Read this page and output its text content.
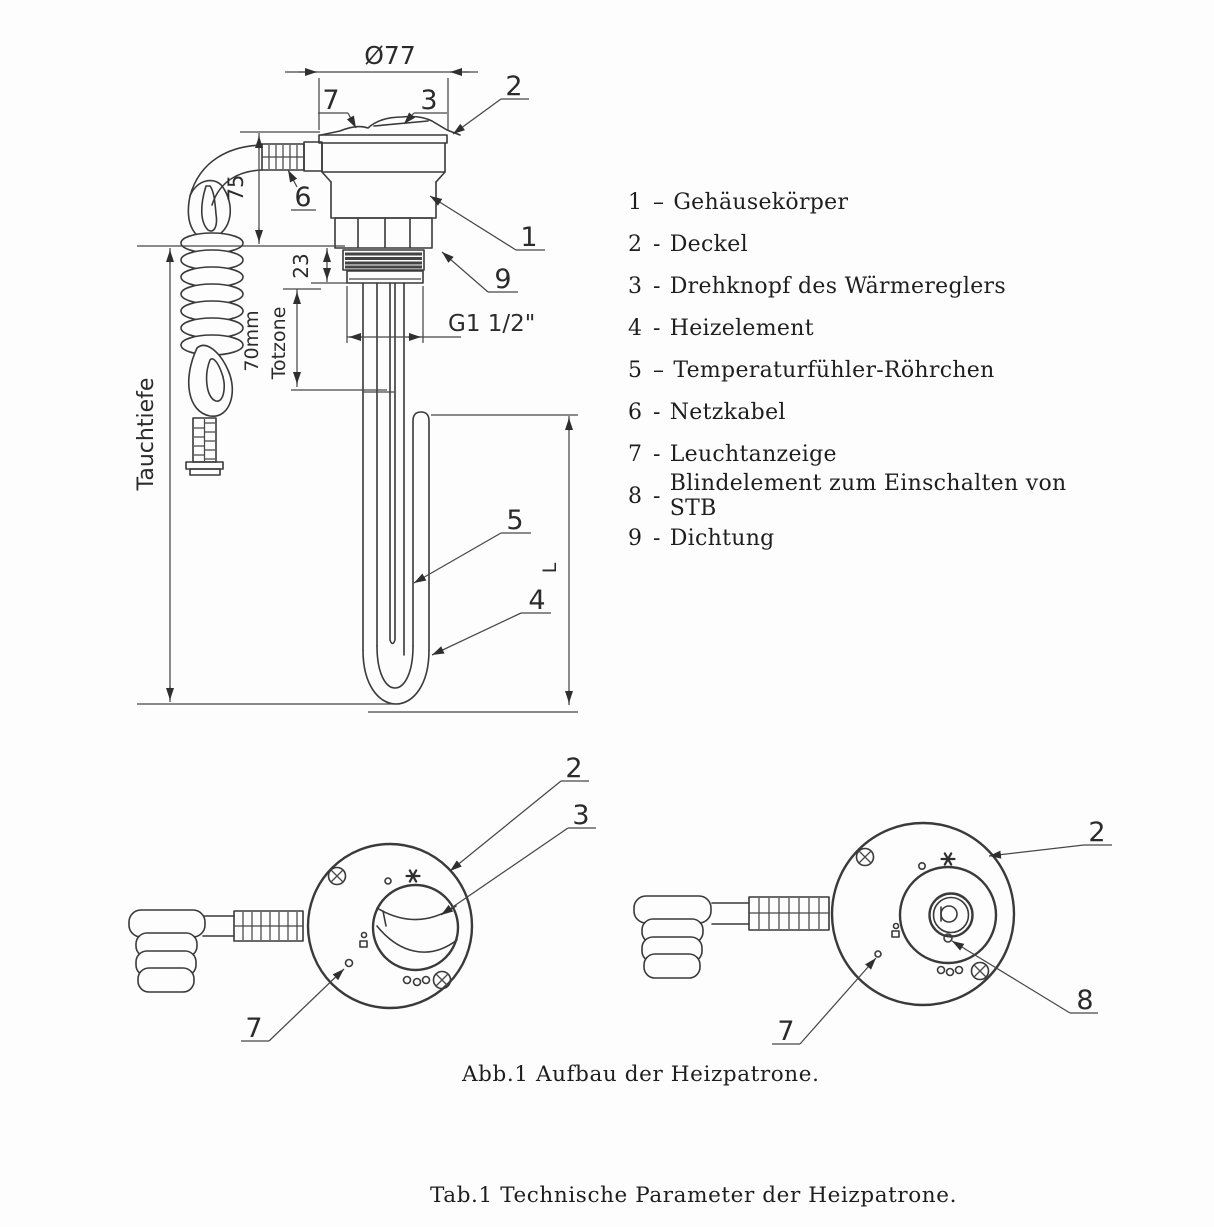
Ø77
75
Tauchtiefe
23
70mm Totzone	G1 1/2"
L
7	3	2
6
1
9
5
4
2
3
7
2
8
7
1 – Gehäusekörper
2 - Deckel
3 - Drehknopf des Wärmereglers
4 - Heizelement
5 – Temperaturfühler-Röhrchen
6 - Netzkabel
7 - Leuchtanzeige
8 - Blindelement zum Einschalten von STB
9 - Dichtung
Abb.1 Aufbau der Heizpatrone.
Tab.1 Technische Parameter der Heizpatrone.
